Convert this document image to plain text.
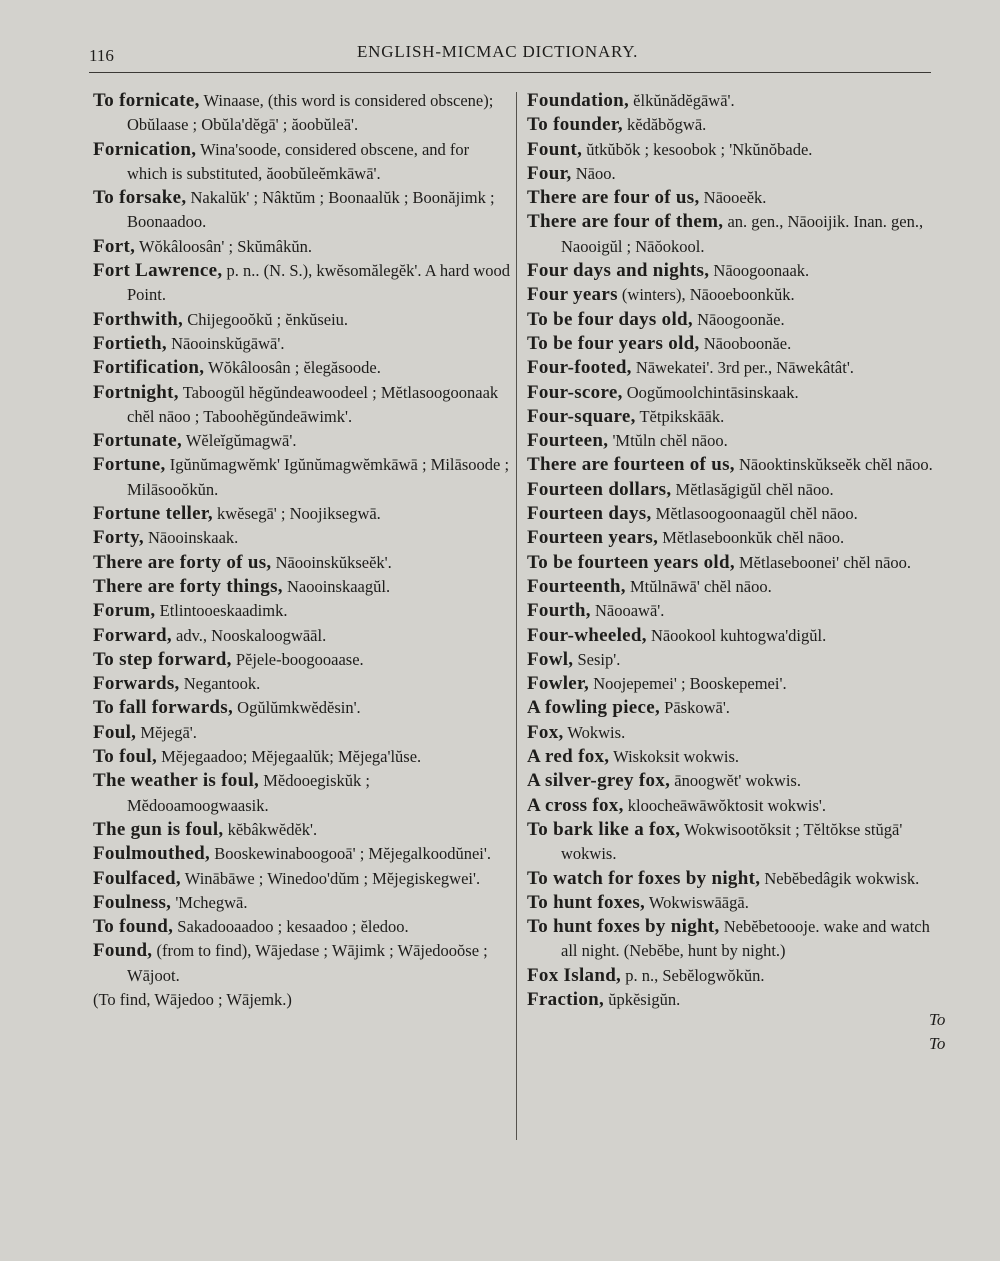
116	ENGLISH-MICMAC DICTIONARY.

To fornicate, Winaase, (this word is considered obscene); Obŭlaase ; Obŭla'dĕgā' ; ăoobŭleā'.

Fornication, Wina'soode, considered obscene, and for which is substituted, ăoobŭleĕmkāwā'.

To forsake, Nakalŭk' ; Nâktŭm ; Boonaalŭk ; Boonăjimk ; Boonaadoo.

Fort, Wŏkâloosân' ; Skŭmâkŭn.

Fort Lawrence, p. n.. (N. S.), kwĕsomălegĕk'. A hard wood Point.

Forthwith, Chijegooŏkŭ ; ĕnkŭseiu.

Fortieth, Nāooinskŭgāwā'.

Fortification, Wŏkâloosân ; ĕlegăsoode.

Fortnight, Taboogŭl hĕgŭndeawoodeel ; Mĕtlasoogoonaak chĕl nāoo ; Taboohĕgŭndeāwimk'.

Fortunate, Wĕleĭgŭmagwā'.

Fortune, Igŭnŭmagwĕmk' Igŭnŭmagwĕmkāwā ; Milāsoode ; Milāsooŏkŭn.

Fortune teller, kwĕsegā' ; Noojiksegwā.

Forty, Nāooinskaak.

There are forty of us, Nāooinskŭkseĕk'.

There are forty things, Naooinskaagŭl.

Forum, Etlintooeskaadimk.

Forward, adv., Nooskaloogwāāl.

To step forward, Pĕjele-boogooaase.

Forwards, Negantook.

To fall forwards, Ogŭlŭmkwĕdĕsin'.

Foul, Mĕjegā'.

To foul, Mĕjegaadoo; Mĕjegaalŭk; Mĕjega'lŭse.

The weather is foul, Mĕdooegiskŭk ; Mĕdooamoogwaasik.

The gun is foul, kĕbâkwĕdĕk'.

Foulmouthed, Booskewinaboogooā' ; Mĕjegalkoodŭnei'.

Foulfaced, Winābāwe ; Winedoo'dŭm ; Mĕjegiskegwei'.

Foulness, 'Mchegwā.

To found, Sakadooaadoo ; kesaadoo ; ĕledoo.

Found, (from to find), Wājedase ; Wājimk ; Wājedooŏse ; Wājoot.

(To find, Wājedoo ; Wājemk.)

Foundation, ĕlkŭnădĕgāwā'.

To founder, kĕdăbŏgwā.

Fount, ŭtkŭbŏk ; kesoobok ; 'Nkŭnŏbade.

Four, Nāoo.

There are four of us, Nāooeĕk.

There are four of them, an. gen., Nāooijik. Inan. gen., Naooigŭl ; Nāŏokool.

Four days and nights, Nāoogoonaak.

Four years (winters), Nāooeboonkŭk.

To be four days old, Nāoogoonăe.

To be four years old, Nāooboonăe.

Four-footed, Nāwekatei'. 3rd per., Nāwekâtât'.

Four-score, Oogŭmoolchintāsinskaak.

Four-square, Tĕtpikskāāk.

Fourteen, 'Mtŭln chĕl nāoo.

There are fourteen of us, Nāooktinskŭkseĕk chĕl nāoo.

Fourteen dollars, Mĕtlasăgigŭl chĕl nāoo.

Fourteen days, Mĕtlasoogoonaagŭl chĕl nāoo.

Fourteen years, Mĕtlaseboonkŭk chĕl nāoo.

To be fourteen years old, Mĕtlaseboonei' chĕl nāoo.

Fourteenth, Mtŭlnāwā' chĕl nāoo.

Fourth, Nāooawā'.

Four-wheeled, Nāookool kuhtogwa'digŭl.

Fowl, Sesip'.

Fowler, Noojepemei' ; Booskepemei'.

A fowling piece, Pāskowā'.

Fox, Wokwis.

A red fox, Wiskoksit wokwis.

A silver-grey fox, ānoogwĕt' wokwis.

A cross fox, kloocheāwāwŏktosit wokwis'.

To bark like a fox, Wokwisootŏksit ; Tĕltŏkse stŭgā' wokwis.

To watch for foxes by night, Nebĕbedâgik wokwisk.

To hunt foxes, Wokwiswāāgā.

To hunt foxes by night, Nebĕbetoooje. wake and watch all night. (Nebĕbe, hunt by night.)

Fox Island, p. n., Sebĕlogwŏkŭn.

Fraction, ŭpkĕsigŭn.

To
To
